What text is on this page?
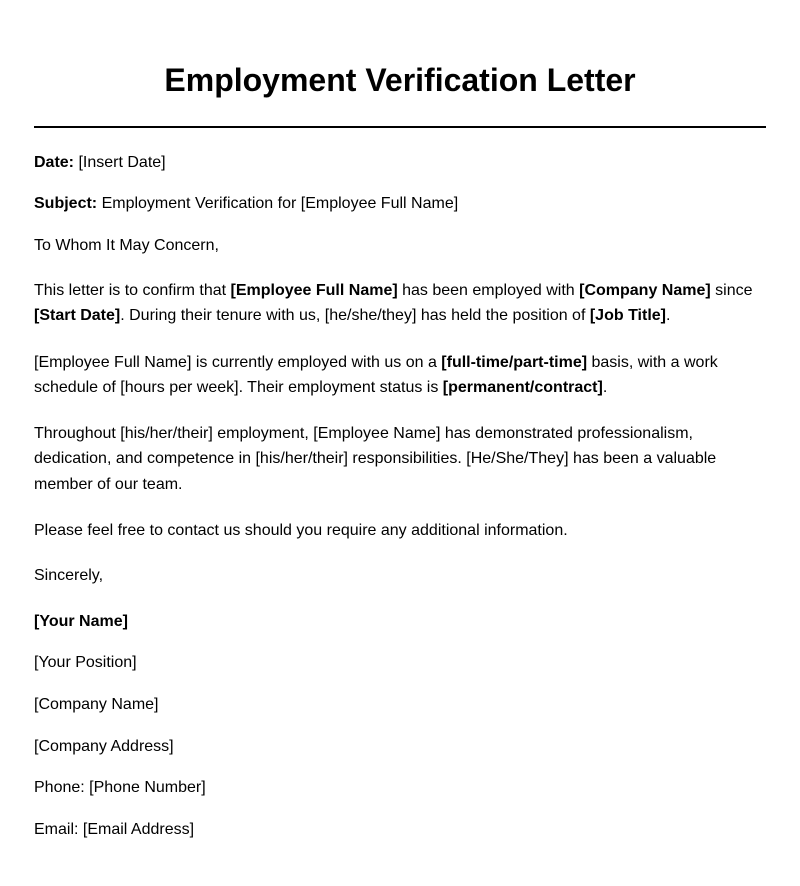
Employment Verification Letter

Date: [Insert Date]

Subject: Employment Verification for [Employee Full Name]

To Whom It May Concern,

This letter is to confirm that [Employee Full Name] has been employed with [Company Name] since

[Start Date]. During their tenure with us, [he/she/they] has held the position of [Job Title].

[Employee Full Name] is currently employed with us on a [full-time/part-time] basis, with a work

schedule of [hours per week]. Their employment status is [permanent/contract].

Throughout [his/her/their] employment, [Employee Name] has demonstrated professionalism,

dedication, and competence in [his/her/their] responsibilities. [He/She/They] has been a valuable

member of our team.

Please feel free to contact us should you require any additional information.

Sincerely,

[Your Name]

[Your Position]

[Company Name]

[Company Address]

Phone: [Phone Number]

Email: [Email Address]
